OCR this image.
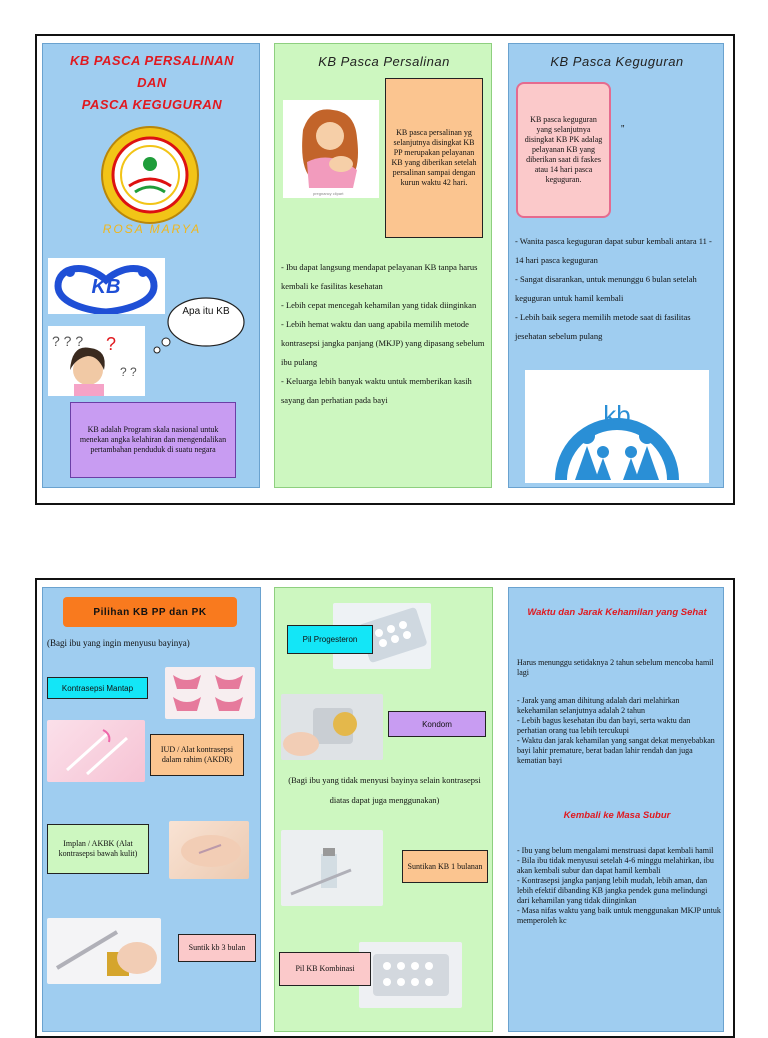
KB PASCA PERSALINAN
DAN
PASCA KEGUGURAN
ROSA MARYA
KB
Apa itu KB
? ? ? ?
? ?
KB adalah Program skala nasional untuk menekan angka kelahiran dan mengendalikan pertambahan penduduk di suatu negara
KB Pasca Persalinan
pregnancy clipart
KB pasca persalinan yg selanjutnya disingkat KB PP merupakan pelayanan KB yang diberikan setelah persalinan sampai dengan kurun waktu 42 hari.
- Ibu dapat langsung mendapat pelayanan KB tanpa harus kembali ke fasilitas kesehatan
- Lebih cepat mencegah kehamilan yang tidak diinginkan
- Lebih hemat waktu dan uang apabila memilih metode kontrasepsi jangka panjang (MKJP) yang dipasang sebelum ibu pulang
- Keluarga lebih banyak waktu untuk memberikan kasih sayang dan perhatian pada bayi
KB Pasca Keguguran
KB pasca keguguran yang selanjutnya disingkat KB PK adalag pelayanan KB yang diberikan saat di faskes atau 14 hari pasca keguguran.
''
- Wanita pasca keguguran dapat subur kembali antara 11 - 14 hari pasca keguguran
- Sangat disarankan, untuk menunggu 6 bulan setelah keguguran untuk hamil kembali
- Lebih baik segera memilih metode saat di fasilitas jesehatan sebelum pulang
kb
Pilihan KB PP dan PK
(Bagi ibu yang ingin menyusu bayinya)
Kontrasepsi Mantap
IUD / Alat kontrasepsi dalam rahim (AKDR)
Implan / AKBK (Alat kontrasepsi bawah kulit)
Suntik kb 3 bulan
Pil Progesteron
Kondom
(Bagi ibu yang tidak menyusi bayinya selain kontrasepsi diatas dapat juga menggunakan)
Suntikan KB 1 bulanan
Pil KB Kombinasi
Waktu dan Jarak Kehamilan yang Sehat
Harus menunggu setidaknya 2 tahun sebelum mencoba hamil lagi
- Jarak yang aman dihitung adalah dari melahirkan kekehamilan selanjutnya adalah 2 tahun
- Lebih bagus kesehatan ibu dan bayi, serta waktu dan perhatian orang tua lebih tercukupi
- Waktu dan jarak kehamilan yang sangat dekat menyebabkan bayi lahir premature, berat badan lahir rendah dan juga kematian bayi
Kembali ke Masa Subur
- Ibu yang belum mengalami menstruasi dapat kembali hamil
- Bila ibu tidak menyusui setelah 4-6 minggu melahirkan, ibu akan kembali subur dan dapat hamil kembali
- Kontrasepsi jangka panjang lebih mudah, lebih aman, dan lebih efektif dibanding KB jangka pendek guna melindungi dari kehamilan yang tidak diinginkan
- Masa nifas waktu yang baik untuk menggunakan MKJP untuk memperoleh kc
